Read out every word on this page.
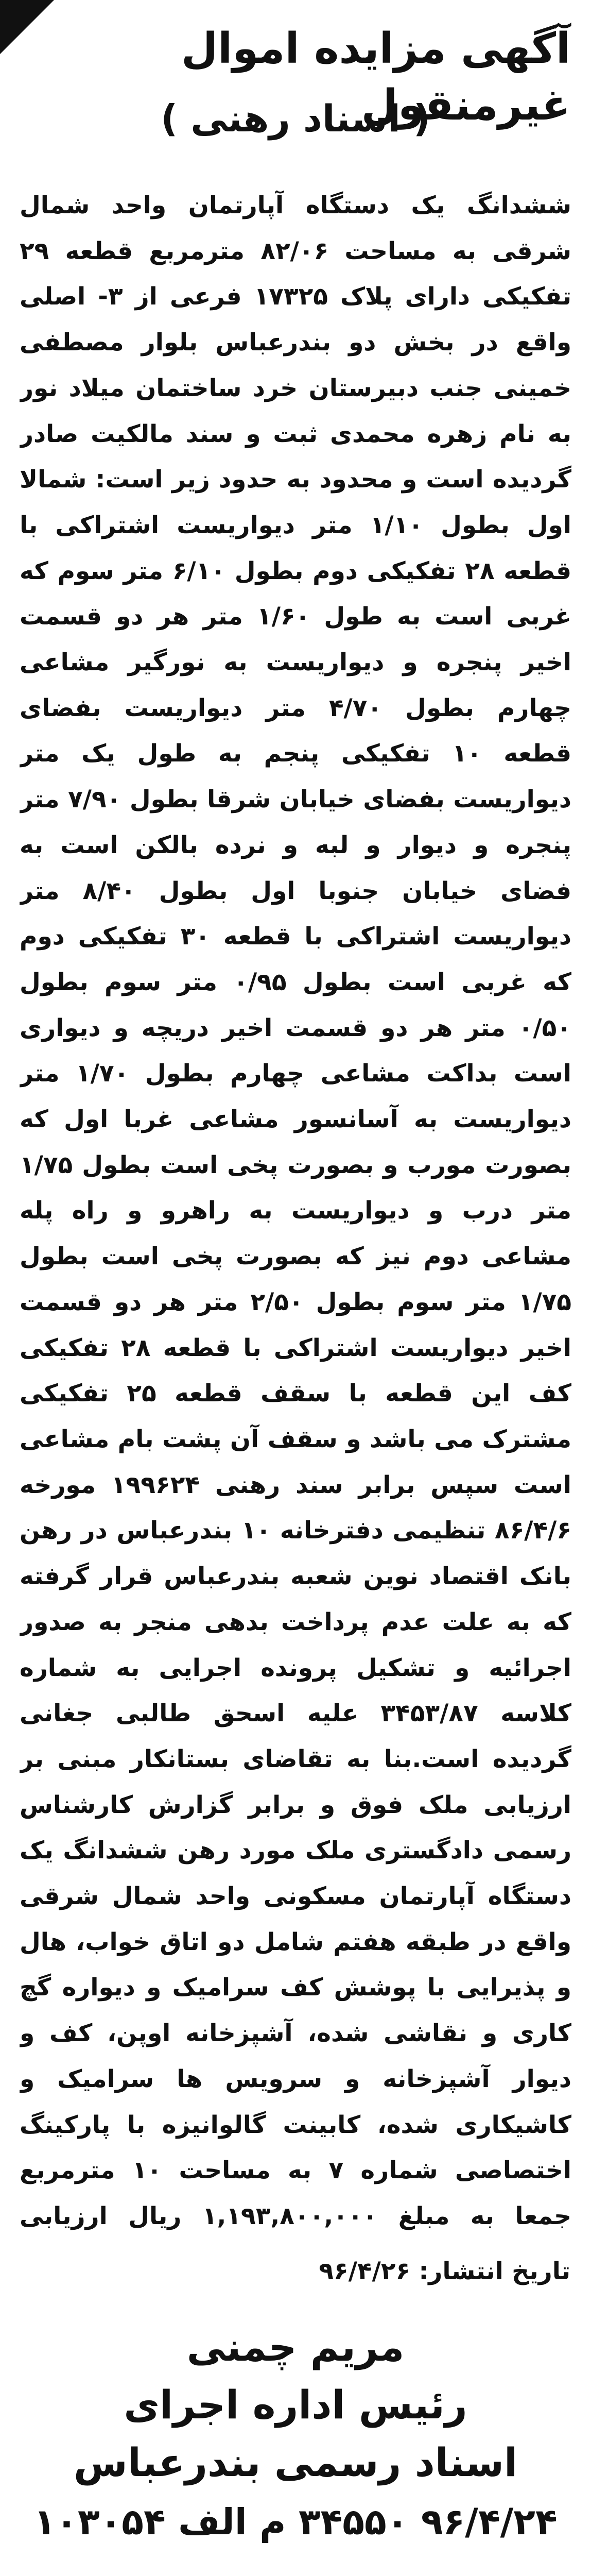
آگهی مزایده اموال غیرمنقول
( اسناد رهنی )

ششدانگ یک دستگاه آپارتمان واحد شمال شرقی به مساحت ۸۲/۰۶ مترمربع قطعه ۲۹ تفکیکی دارای پلاک ۱۷۳۲۵ فرعی از ۳- اصلی واقع در بخش دو بندرعباس بلوار مصطفی خمینی جنب دبیرستان خرد ساختمان میلاد نور به نام زهره محمدی ثبت و سند مالکیت صادر گردیده است و محدود به حدود زیر است: شمالا اول بطول ۱/۱۰ متر دیواریست اشتراکی با قطعه ۲۸ تفکیکی دوم بطول ۶/۱۰ متر سوم که غربی است به طول ۱/۶۰ متر هر دو قسمت اخیر پنجره و دیواریست به نورگیر مشاعی چهارم بطول ۴/۷۰ متر دیواریست بفضای قطعه ۱۰ تفکیکی پنجم به طول یک متر دیواریست بفضای خیابان شرقا بطول ۷/۹۰ متر پنجره و دیوار و لبه و نرده بالکن است به فضای خیابان جنوبا اول بطول ۸/۴۰ متر دیواریست اشتراکی با قطعه ۳۰ تفکیکی دوم که غربی است بطول ۰/۹۵ متر سوم بطول ۰/۵۰ متر هر دو قسمت اخیر دریچه و دیواری است بداکت مشاعی چهارم بطول ۱/۷۰ متر دیواریست به آسانسور مشاعی غربا اول که بصورت مورب و بصورت پخی است بطول ۱/۷۵ متر درب و دیواریست به راهرو و راه پله مشاعی دوم نیز که بصورت پخی است بطول ۱/۷۵ متر سوم بطول ۲/۵۰ متر هر دو قسمت اخیر دیواریست اشتراکی با قطعه ۲۸ تفکیکی کف این قطعه با سقف قطعه ۲۵ تفکیکی مشترک می باشد و سقف آن پشت بام مشاعی است سپس برابر سند رهنی ۱۹۹۶۲۴ مورخه ۸۶/۴/۶ تنظیمی دفترخانه ۱۰ بندرعباس در رهن بانک اقتصاد نوین شعبه بندرعباس قرار گرفته که به علت عدم پرداخت بدهی منجر به صدور اجرائیه و تشکیل پرونده اجرایی به شماره کلاسه ۳۴۵۳/۸۷ علیه اسحق طالبی جغانی گردیده است.بنا به تقاضای بستانکار مبنی بر ارزیابی ملک فوق و برابر گزارش کارشناس رسمی دادگستری ملک مورد رهن ششدانگ یک دستگاه آپارتمان مسکونی واحد شمال شرقی واقع در طبقه هفتم شامل دو اتاق خواب، هال و پذیرایی با پوشش کف سرامیک و دیواره گچ کاری و نقاشی شده، آشپزخانه اوپن، کف و دیوار آشپزخانه و سرویس ها سرامیک و کاشیکاری شده، کابینت گالوانیزه با پارکینگ اختصاصی شماره ۷ به مساحت ۱۰ مترمربع جمعا به مبلغ ۱,۱۹۳,۸۰۰,۰۰۰ ریال ارزیابی

تاریخ انتشار: ۹۶/۴/۲۶
مریم چمنی
رئیس اداره اجرای
اسناد رسمی بندرعباس
۹۶/۴/۲۴ ۳۴۵۵۰ م الف ۱۰۳۰۵۴
